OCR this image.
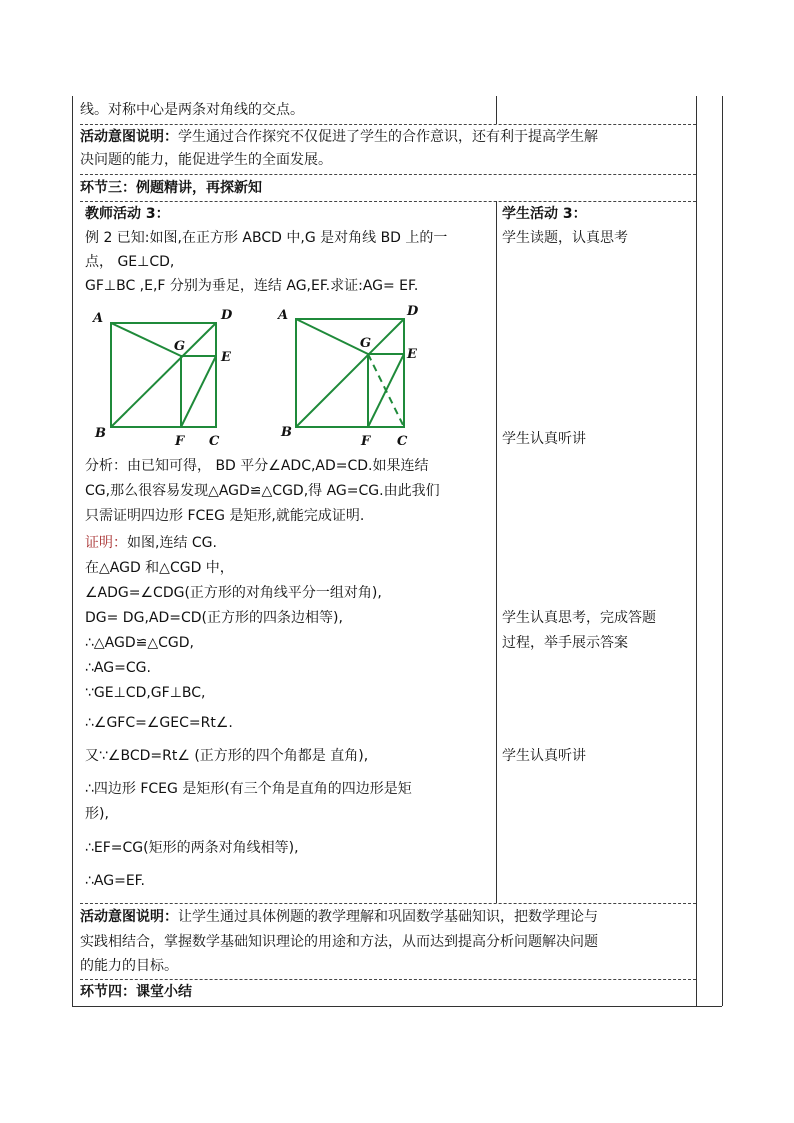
线。对称中心是两条对角线的交点。
活动意图说明：学生通过合作探究不仅促进了学生的合作意识，还有利于提高学生解
决问题的能力，能促进学生的全面发展。
环节三：例题精讲，再探新知
教师活动 3：
例 2 已知:如图,在正方形 ABCD 中,G 是对角线 BD 上的一
点， GE⊥CD,
GF⊥BC ,E,F 分别为垂足，连结 AG,EF.求证:AG= EF.
A	D
G
E
B
F C
A	D
G
E
B
F C
分析：由已知可得， BD 平分∠ADC,AD=CD.如果连结
CG,那么很容易发现△AGD≌△CGD,得 AG=CG.由此我们
只需证明四边形 FCEG 是矩形,就能完成证明.
证明：如图,连结 CG.
在△AGD 和△CGD 中，
∠ADG=∠CDG(正方形的对角线平分一组对角),
DG= DG,AD=CD(正方形的四条边相等),
∴△AGD≌△CGD,
∴AG=CG.
∵GE⊥CD,GF⊥BC,
∴∠GFC=∠GEC=Rt∠.
又∵∠BCD=Rt∠ (正方形的四个角都是 直角),
∴四边形 FCEG 是矩形(有三个角是直角的四边形是矩
形),
∴EF=CG(矩形的两条对角线相等),
∴AG=EF.
学生活动 3：
学生读题，认真思考
学生认真听讲
学生认真思考，完成答题
过程，举手展示答案
学生认真听讲
活动意图说明：让学生通过具体例题的教学理解和巩固数学基础知识，把数学理论与
实践相结合，掌握数学基础知识理论的用途和方法，从而达到提高分析问题解决问题
的能力的目标。
环节四：课堂小结
